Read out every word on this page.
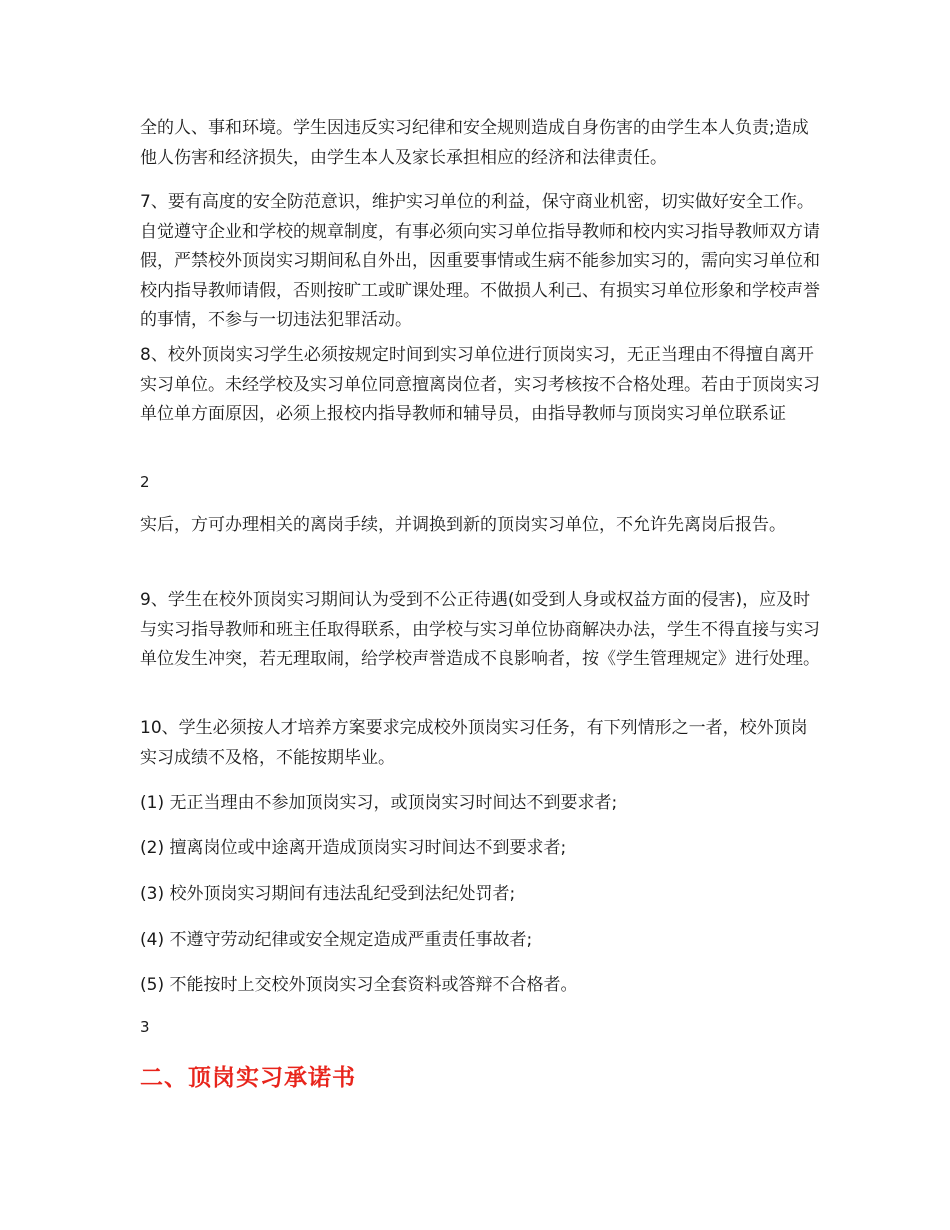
全的人、事和环境。学生因违反实习纪律和安全规则造成自身伤害的由学生本人负责;造成他人伤害和经济损失，由学生本人及家长承担相应的经济和法律责任。

7、要有高度的安全防范意识，维护实习单位的利益，保守商业机密，切实做好安全工作。自觉遵守企业和学校的规章制度，有事必须向实习单位指导教师和校内实习指导教师双方请假，严禁校外顶岗实习期间私自外出，因重要事情或生病不能参加实习的，需向实习单位和校内指导教师请假，否则按旷工或旷课处理。不做损人利己、有损实习单位形象和学校声誉的事情，不参与一切违法犯罪活动。

8、校外顶岗实习学生必须按规定时间到实习单位进行顶岗实习，无正当理由不得擅自离开实习单位。未经学校及实习单位同意擅离岗位者，实习考核按不合格处理。若由于顶岗实习单位单方面原因，必须上报校内指导教师和辅导员，由指导教师与顶岗实习单位联系证

2

实后，方可办理相关的离岗手续，并调换到新的顶岗实习单位，不允许先离岗后报告。

9、学生在校外顶岗实习期间认为受到不公正待遇(如受到人身或权益方面的侵害)，应及时与实习指导教师和班主任取得联系，由学校与实习单位协商解决办法，学生不得直接与实习单位发生冲突，若无理取闹，给学校声誉造成不良影响者，按《学生管理规定》进行处理。

10、学生必须按人才培养方案要求完成校外顶岗实习任务，有下列情形之一者，校外顶岗实习成绩不及格，不能按期毕业。

(1) 无正当理由不参加顶岗实习，或顶岗实习时间达不到要求者;

(2) 擅离岗位或中途离开造成顶岗实习时间达不到要求者;

(3) 校外顶岗实习期间有违法乱纪受到法纪处罚者;

(4) 不遵守劳动纪律或安全规定造成严重责任事故者;

(5) 不能按时上交校外顶岗实习全套资料或答辩不合格者。

3
二、顶岗实习承诺书
